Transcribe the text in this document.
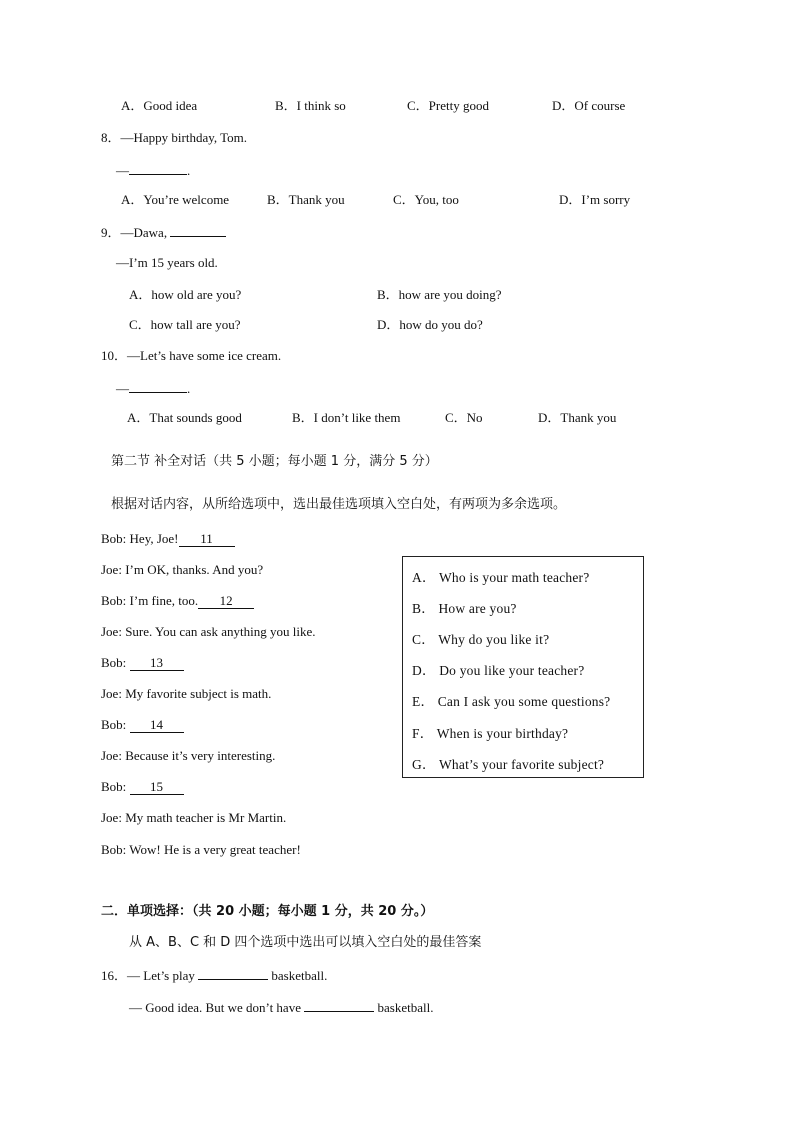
A．Good idea	B．I think so	C．Pretty good	D．Of course
8．—Happy birthday, Tom.
—	.
A．You’re welcome	B．Thank you	C．You, too	D．I’m sorry
9．—Dawa,
—I’m 15 years old.
A．how old are you?	B．how are you doing?
C．how tall are you?	D．how do you do?
10．—Let’s have some ice cream.
—	.
A．That sounds good	B．I don’t like them	C．No	D．Thank you
第二节 补全对话（共 5 小题；每小题 1 分，满分 5 分）
根据对话内容，从所给选项中，选出最佳选项填入空白处，有两项为多余选项。
Bob: Hey, Joe! 11
Joe: I’m OK, thanks. And you?
Bob: I’m fine, too. 12
Joe: Sure. You can ask anything you like.
Bob: 13
Joe: My favorite subject is math.
Bob: 14
Joe: Because it’s very interesting.
Bob: 15
Joe: My math teacher is Mr Martin.
Bob: Wow! He is a very great teacher!
A． Who is your math teacher?
B． How are you?
C． Why do you like it?
D． Do you like your teacher?
E． Can I ask you some questions?
F． When is your birthday?
G． What’s your favorite subject?
二．单项选择：（共 20 小题；每小题 1 分，共 20 分。）
从 A、B、C 和 D 四个选项中选出可以填入空白处的最佳答案
16．— Let’s play	basketball.
— Good idea. But we don’t have	basketball.
